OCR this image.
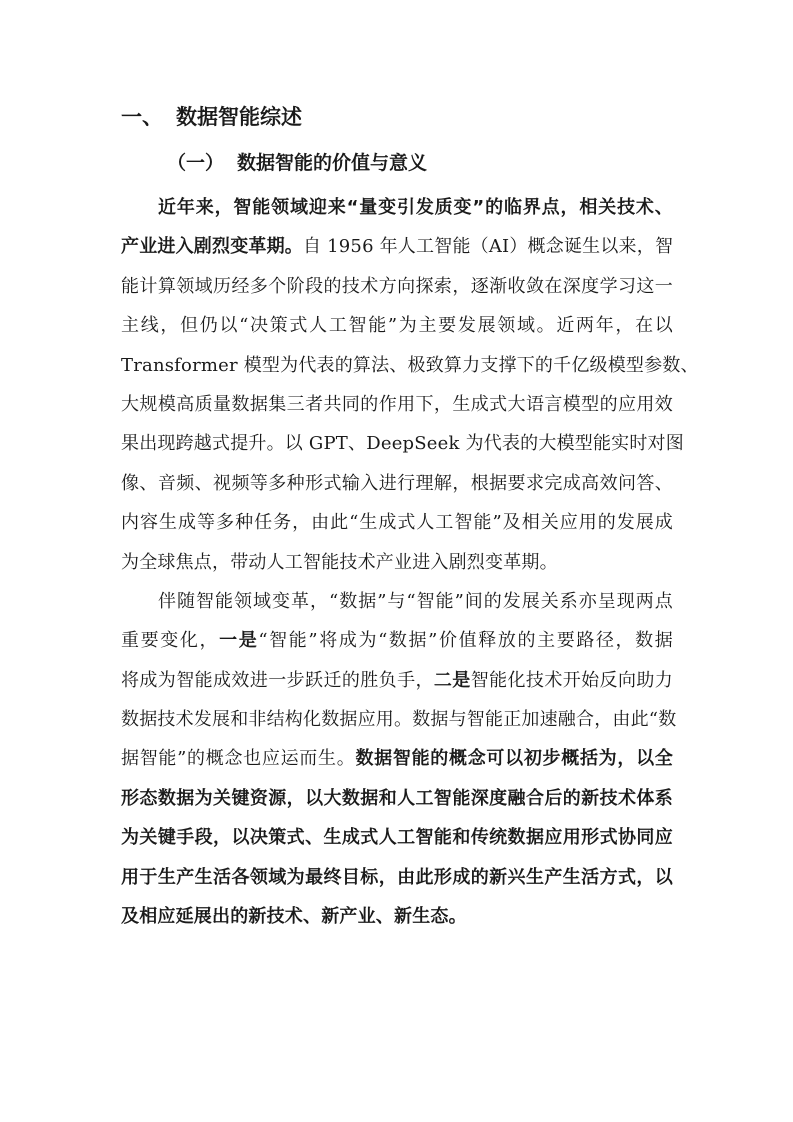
一、 数据智能综述
（一） 数据智能的价值与意义
近年来，智能领域迎来“量变引发质变”的临界点，相关技术、
产业进入剧烈变革期。自 1956 年人工智能（AI）概念诞生以来，智
能计算领域历经多个阶段的技术方向探索，逐渐收敛在深度学习这一
主线，但仍以“决策式人工智能”为主要发展领域。近两年，在以
Transformer 模型为代表的算法、极致算力支撑下的千亿级模型参数、
大规模高质量数据集三者共同的作用下，生成式大语言模型的应用效
果出现跨越式提升。以 GPT、DeepSeek 为代表的大模型能实时对图
像、音频、视频等多种形式输入进行理解，根据要求完成高效问答、
内容生成等多种任务，由此“生成式人工智能”及相关应用的发展成
为全球焦点，带动人工智能技术产业进入剧烈变革期。
伴随智能领域变革，“数据”与“智能”间的发展关系亦呈现两点
重要变化，一是“智能”将成为“数据”价值释放的主要路径，数据
将成为智能成效进一步跃迁的胜负手，二是智能化技术开始反向助力
数据技术发展和非结构化数据应用。数据与智能正加速融合，由此“数
据智能”的概念也应运而生。数据智能的概念可以初步概括为，以全
形态数据为关键资源，以大数据和人工智能深度融合后的新技术体系
为关键手段，以决策式、生成式人工智能和传统数据应用形式协同应
用于生产生活各领域为最终目标，由此形成的新兴生产生活方式，以
及相应延展出的新技术、新产业、新生态。
